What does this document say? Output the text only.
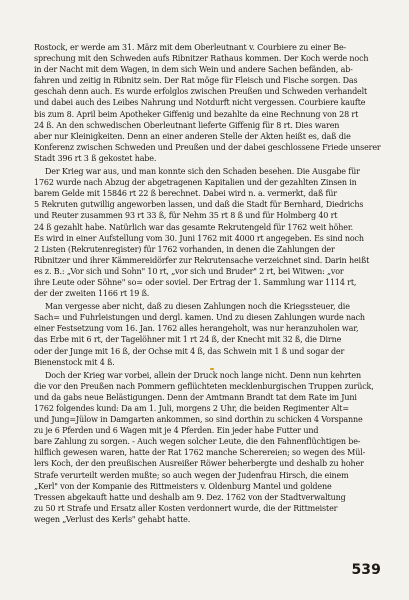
Rostock, er werde am 31. März mit dem Oberleutnant v. Courbiere zu einer Be-
sprechung mit den Schweden aufs Ribnitzer Rathaus kommen. Der Koch werde noch
in der Nacht mit dem Wagen, in dem sich Wein und andere Sachen befänden, ab-
fahren und zeitig in Ribnitz sein. Der Rat möge für Fleisch und Fische sorgen. Das
geschah denn auch. Es wurde erfolglos zwischen Preußen und Schweden verhandelt
und dabei auch des Leibes Nahrung und Notdurft nicht vergessen. Courbiere kaufte
bis zum 8. April beim Apotheker Giffenig und bezahlte da eine Rechnung von 28 rt
24 ß. An den schwedischen Oberleutnant lieferte Giffenig für 8 rt. Dies waren
aber nur Kleinigkeiten. Denn an einer anderen Stelle der Akten heißt es, daß die
Konferenz zwischen Schweden und Preußen und der dabei geschlossene Friede unserer
Stadt 396 rt 3 ß gekostet habe.

Der Krieg war aus, und man konnte sich den Schaden besehen. Die Ausgabe für
1762 wurde nach Abzug der abgetragenen Kapitalien und der gezahlten Zinsen in
barem Gelde mit 15846 rt 22 ß berechnet. Dabei wird n. a. vermerkt, daß für
5 Rekruten gutwillig angeworben lassen, und daß die Stadt für Bernhard, Diedrichs
und Reuter zusammen 93 rt 33 ß, für Nehm 35 rt 8 ß und für Holmberg 40 rt
24 ß gezahlt habe. Natürlich war das gesamte Rekrutengeld für 1762 weit höher.
Es wird in einer Aufstellung vom 30. Juni 1762 mit 4000 rt angegeben. Es sind noch
2 Listen (Rekrutenregister) für 1762 vorhanden, in denen die Zahlungen der
Ribnitzer und ihrer Kämmereidörfer zur Rekrutensache verzeichnet sind. Darin heißt
es z. B.: „Vor sich und Sohn" 10 rt, „vor sich und Bruder" 2 rt, bei Witwen: „vor
ihre Leute oder Söhne" so= oder soviel. Der Ertrag der 1. Sammlung war 1114 rt,
der der zweiten 1166 rt 19 ß.

Man vergesse aber nicht, daß zu diesen Zahlungen noch die Kriegssteuer, die
Sach= und Fuhrleistungen und dergl. kamen. Und zu diesen Zahlungen wurde nach
einer Festsetzung vom 16. Jan. 1762 alles herangeholt, was nur heranzuholen war,
das Erbe mit 6 rt, der Tagelöhner mit 1 rt 24 ß, der Knecht mit 32 ß, die Dirne
oder der Junge mit 16 ß, der Ochse mit 4 ß, das Schwein mit 1 ß und sogar der
Bienenstock mit 4 ß.

Doch der Krieg war vorbei, allein der Druck noch lange nicht. Denn nun kehrten
die vor den Preußen nach Pommern geflüchteten mecklenburgischen Truppen zurück,
und da gabs neue Belästigungen. Denn der Amtmann Brandt tat dem Rate im Juni
1762 folgendes kund: Da am 1. Juli, morgens 2 Uhr, die beiden Regimenter Alt=
und Jung=Jülow in Damgarten ankommen, so sind dorthin zu schicken 4 Vorspanne
zu je 6 Pferden und 6 Wagen mit je 4 Pferden. Ein jeder habe Futter und
bare Zahlung zu sorgen. - Auch wegen solcher Leute, die den Fahnenflüchtigen be-
hilflich gewesen waren, hatte der Rat 1762 manche Scherereien; so wegen des Mül-
lers Koch, der den preußischen Ausreißer Röwer beherbergte und deshalb zu hoher
Strafe verurteilt werden mußte; so auch wegen der Judenfrau Hirsch, die einem
„Kerl" von der Kompanie des Rittmeisters v. Oldenburg Mantel und goldene
Tressen abgekauft hatte und deshalb am 9. Dez. 1762 von der Stadtverwaltung
zu 50 rt Strafe und Ersatz aller Kosten verdonnert wurde, die der Rittmeister
wegen „Verlust des Kerls" gehabt hatte.

539
